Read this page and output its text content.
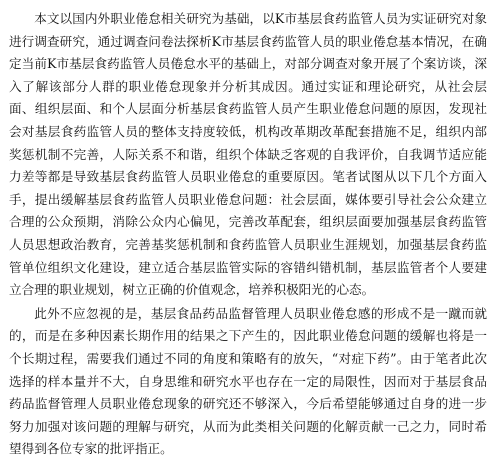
本文以国内外职业倦怠相关研究为基础，以K市基层食药监管人员为实证研究对象进行调查研究，通过调查问卷法探析K市基层食药监管人员的职业倦怠基本情况，在确定当前K市基层食药监管人员倦怠水平的基础上，对部分调查对象开展了个案访谈，深入了解该部分人群的职业倦怠现象并分析其成因。通过实证和理论研究，从社会层面、组织层面、和个人层面分析基层食药监管人员产生职业倦怠问题的原因，发现社会对基层食药监管人员的整体支持度较低，机构改革期改革配套措施不足，组织内部奖惩机制不完善，人际关系不和谐，组织个体缺乏客观的自我评价，自我调节适应能力差等都是导致基层食药监管人员职业倦怠的重要原因。笔者试图从以下几个方面入手，提出缓解基层食药监管人员职业倦怠问题：社会层面，媒体要引导社会公众建立合理的公众预期，消除公众内心偏见，完善改革配套，组织层面要加强基层食药监管人员思想政治教育，完善基奖惩机制和食药监管人员职业生涯规划，加强基层食药监管单位组织文化建设，建立适合基层监管实际的容错纠错机制，基层监管者个人要建立合理的职业规划，树立正确的价值观念，培养积极阳光的心态。

此外不应忽视的是，基层食品药品监督管理人员职业倦怠感的形成不是一蹴而就的，而是在多种因素长期作用的结果之下产生的，因此职业倦怠问题的缓解也将是一个长期过程，需要我们通过不同的角度和策略有的放矢，“对症下药”。由于笔者此次选择的样本量并不大，自身思维和研究水平也存在一定的局限性，因而对于基层食品药品监督管理人员职业倦怠现象的研究还不够深入，今后希望能够通过自身的进一步努力加强对该问题的理解与研究，从而为此类相关问题的化解贡献一己之力，同时希望得到各位专家的批评指正。
